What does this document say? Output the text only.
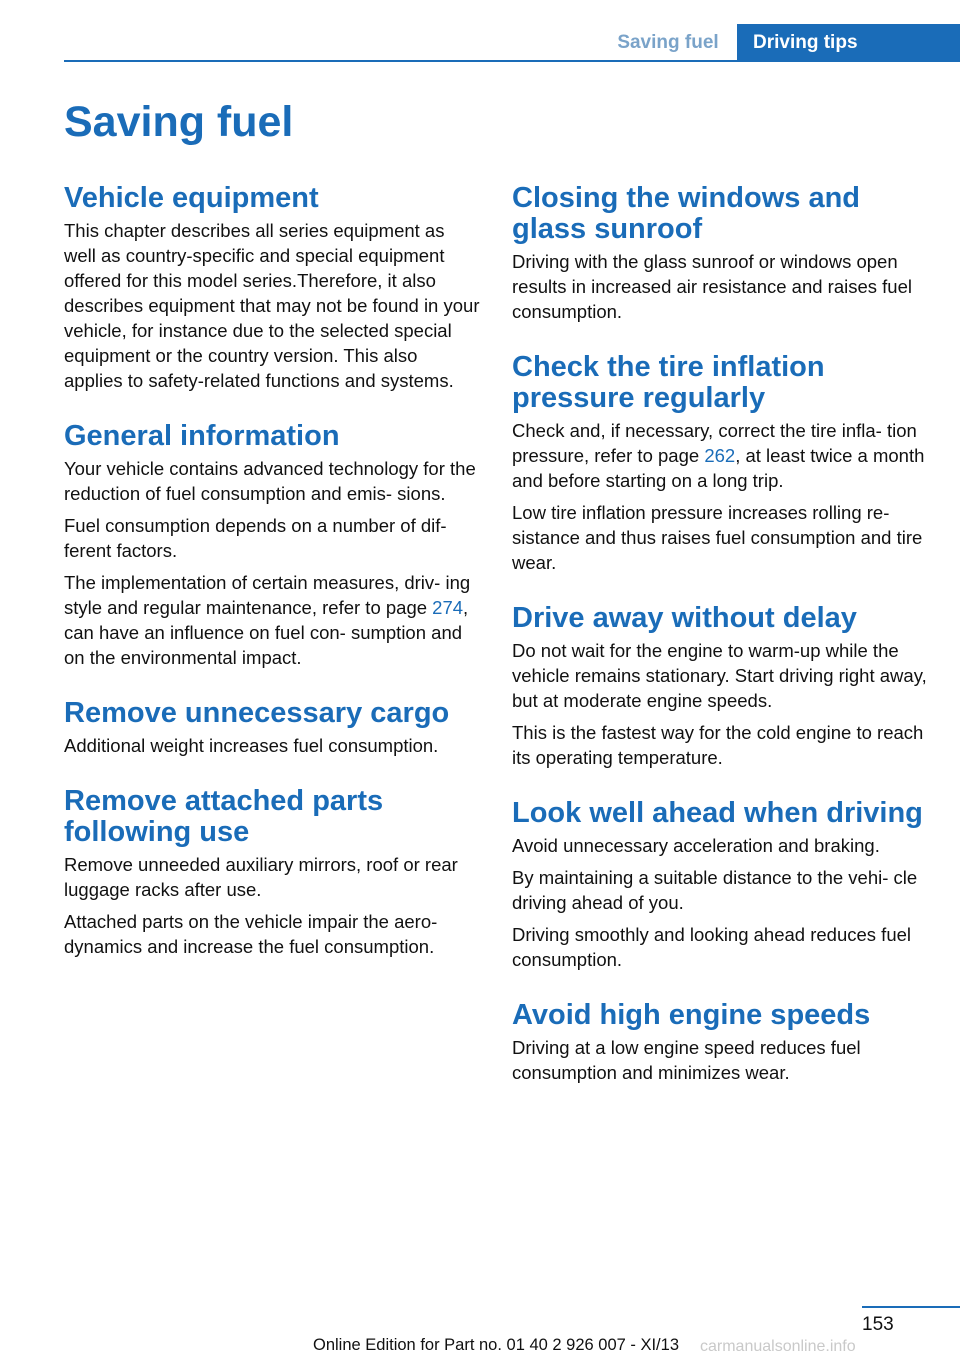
Saving fuel	Driving tips
Saving fuel
Vehicle equipment

This chapter describes all series equipment as well as country-specific and special equipment offered for this model series.Therefore, it also describes equipment that may not be found in your vehicle, for instance due to the selected special equipment or the country version. This also applies to safety-related functions and systems.

General information

Your vehicle contains advanced technology for the reduction of fuel consumption and emis‐ sions.

Fuel consumption depends on a number of dif‐ ferent factors.

The implementation of certain measures, driv‐ ing style and regular maintenance, refer to page 274, can have an influence on fuel con‐ sumption and on the environmental impact.

Remove unnecessary cargo

Additional weight increases fuel consumption.

Remove attached parts following use

Remove unneeded auxiliary mirrors, roof or rear luggage racks after use.

Attached parts on the vehicle impair the aero‐ dynamics and increase the fuel consumption.

Closing the windows and glass sunroof

Driving with the glass sunroof or windows open results in increased air resistance and raises fuel consumption.

Check the tire inflation pressure regularly

Check and, if necessary, correct the tire infla‐ tion pressure, refer to page 262, at least twice a month and before starting on a long trip.

Low tire inflation pressure increases rolling re‐ sistance and thus raises fuel consumption and tire wear.

Drive away without delay

Do not wait for the engine to warm-up while the vehicle remains stationary. Start driving right away, but at moderate engine speeds.

This is the fastest way for the cold engine to reach its operating temperature.

Look well ahead when driving

Avoid unnecessary acceleration and braking.

By maintaining a suitable distance to the vehi‐ cle driving ahead of you.

Driving smoothly and looking ahead reduces fuel consumption.

Avoid high engine speeds

Driving at a low engine speed reduces fuel consumption and minimizes wear.

153
Online Edition for Part no. 01 40 2 926 007 - XI/13 carmanualsonline.info
